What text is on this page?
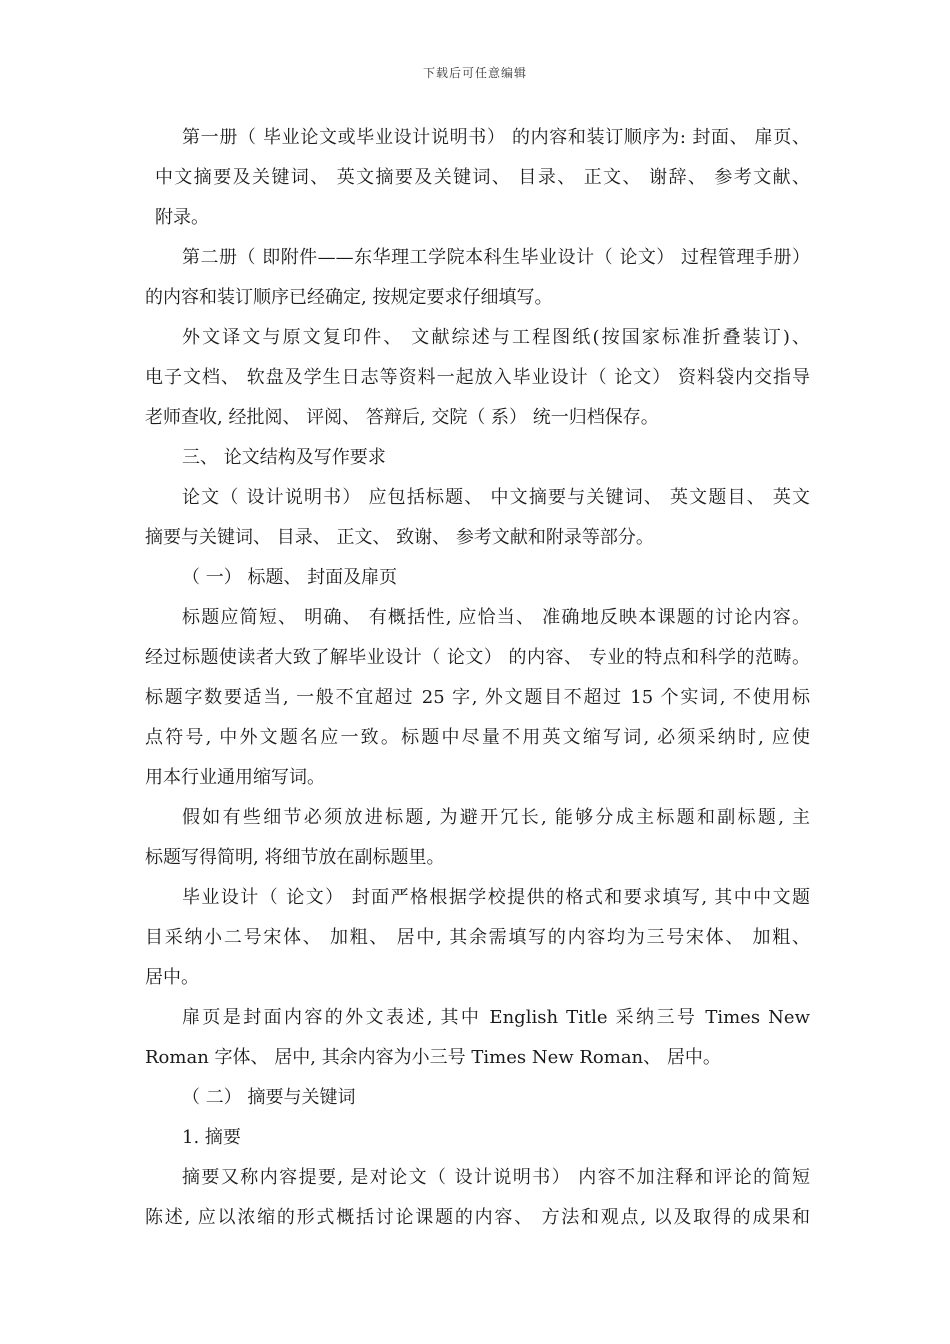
下载后可任意编辑
第一册（ 毕业论文或毕业设计说明书） 的内容和装订顺序为: 封面、 扉页、
中文摘要及关键词、 英文摘要及关键词、 目录、 正文、 谢辞、 参考文献、
附录。
第二册（ 即附件——东华理工学院本科生毕业设计（ 论文） 过程管理手册）
的内容和装订顺序已经确定, 按规定要求仔细填写。
外文译文与原文复印件、 文献综述与工程图纸(按国家标准折叠装订)、
电子文档、 软盘及学生日志等资料一起放入毕业设计（ 论文） 资料袋内交指导
老师查收, 经批阅、 评阅、 答辩后, 交院（ 系） 统一归档保存。
三、 论文结构及写作要求
论文（ 设计说明书） 应包括标题、 中文摘要与关键词、 英文题目、 英文
摘要与关键词、 目录、 正文、 致谢、 参考文献和附录等部分。
（ 一） 标题、 封面及扉页
标题应简短、 明确、 有概括性, 应恰当、 准确地反映本课题的讨论内容。
经过标题使读者大致了解毕业设计（ 论文） 的内容、 专业的特点和科学的范畴。
标题字数要适当, 一般不宜超过 25 字, 外文题目不超过 15 个实词, 不使用标
点符号, 中外文题名应一致。标题中尽量不用英文缩写词, 必须采纳时, 应使
用本行业通用缩写词。
假如有些细节必须放进标题, 为避开冗长, 能够分成主标题和副标题, 主
标题写得简明, 将细节放在副标题里。
毕业设计（ 论文） 封面严格根据学校提供的格式和要求填写, 其中中文题
目采纳小二号宋体、 加粗、 居中, 其余需填写的内容均为三号宋体、 加粗、
居中。
扉页是封面内容的外文表述, 其中 English Title 采纳三号 Times New
Roman 字体、 居中, 其余内容为小三号 Times New Roman、 居中。
（ 二） 摘要与关键词
1. 摘要
摘要又称内容提要, 是对论文（ 设计说明书） 内容不加注释和评论的简短
陈述, 应以浓缩的形式概括讨论课题的内容、 方法和观点, 以及取得的成果和
